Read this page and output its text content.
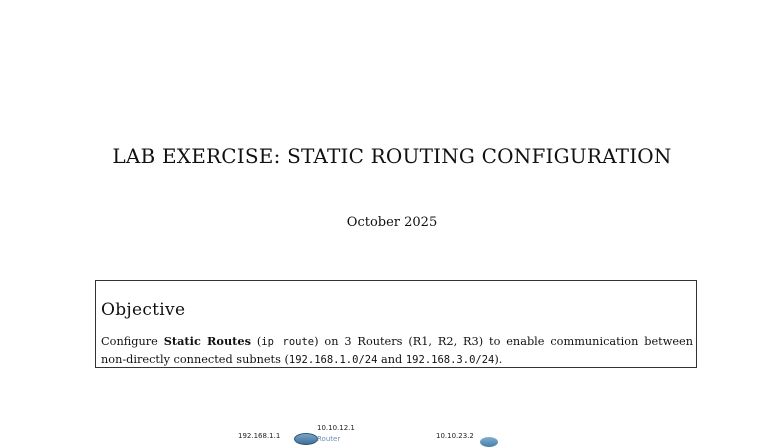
LAB EXERCISE: STATIC ROUTING CONFIGURATION
October 2025
Objective
Configure Static Routes (ip route) on 3 Routers (R1, R2, R3) to enable communication between
non-directly connected subnets (192.168.1.0/24 and 192.168.3.0/24).
192.168.1.1
10.10.12.1
Router	10.10.23.2
